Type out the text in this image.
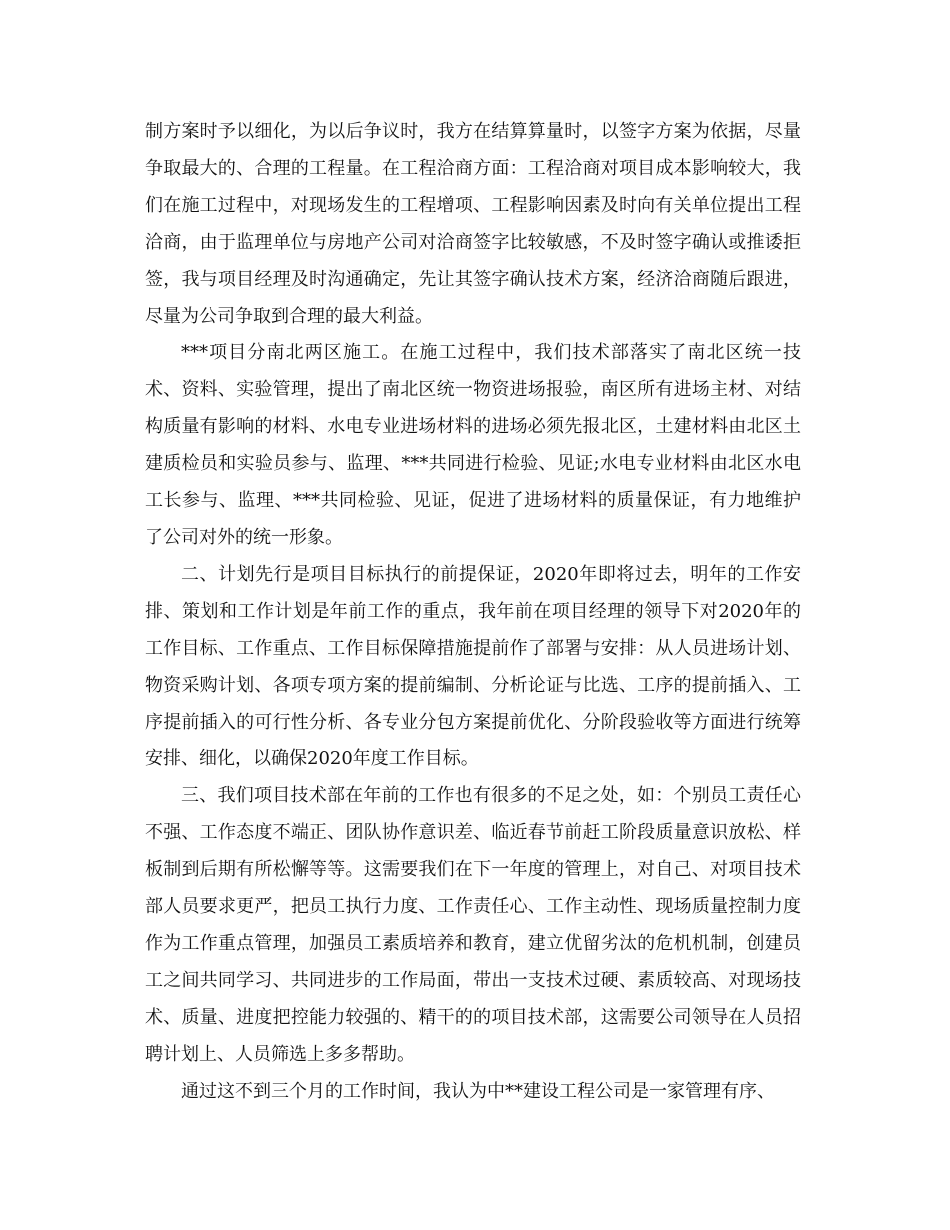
制方案时予以细化，为以后争议时，我方在结算算量时，以签字方案为依据，尽量争取最大的、合理的工程量。在工程洽商方面：工程洽商对项目成本影响较大，我们在施工过程中，对现场发生的工程增项、工程影响因素及时向有关单位提出工程洽商，由于监理单位与房地产公司对洽商签字比较敏感，不及时签字确认或推诿拒签，我与项目经理及时沟通确定，先让其签字确认技术方案，经济洽商随后跟进，尽量为公司争取到合理的最大利益。

***项目分南北两区施工。在施工过程中，我们技术部落实了南北区统一技术、资料、实验管理，提出了南北区统一物资进场报验，南区所有进场主材、对结构质量有影响的材料、水电专业进场材料的进场必须先报北区，土建材料由北区土建质检员和实验员参与、监理、***共同进行检验、见证;水电专业材料由北区水电工长参与、监理、***共同检验、见证，促进了进场材料的质量保证，有力地维护了公司对外的统一形象。

二、计划先行是项目目标执行的前提保证，2020年即将过去，明年的工作安排、策划和工作计划是年前工作的重点，我年前在项目经理的领导下对2020年的工作目标、工作重点、工作目标保障措施提前作了部署与安排：从人员进场计划、物资采购计划、各项专项方案的提前编制、分析论证与比选、工序的提前插入、工序提前插入的可行性分析、各专业分包方案提前优化、分阶段验收等方面进行统筹安排、细化，以确保2020年度工作目标。

三、我们项目技术部在年前的工作也有很多的不足之处，如：个别员工责任心不强、工作态度不端正、团队协作意识差、临近春节前赶工阶段质量意识放松、样板制到后期有所松懈等等。这需要我们在下一年度的管理上，对自己、对项目技术部人员要求更严，把员工执行力度、工作责任心、工作主动性、现场质量控制力度作为工作重点管理，加强员工素质培养和教育，建立优留劣汰的危机机制，创建员工之间共同学习、共同进步的工作局面，带出一支技术过硬、素质较高、对现场技术、质量、进度把控能力较强的、精干的的项目技术部，这需要公司领导在人员招聘计划上、人员筛选上多多帮助。

通过这不到三个月的工作时间，我认为中**建设工程公司是一家管理有序、
